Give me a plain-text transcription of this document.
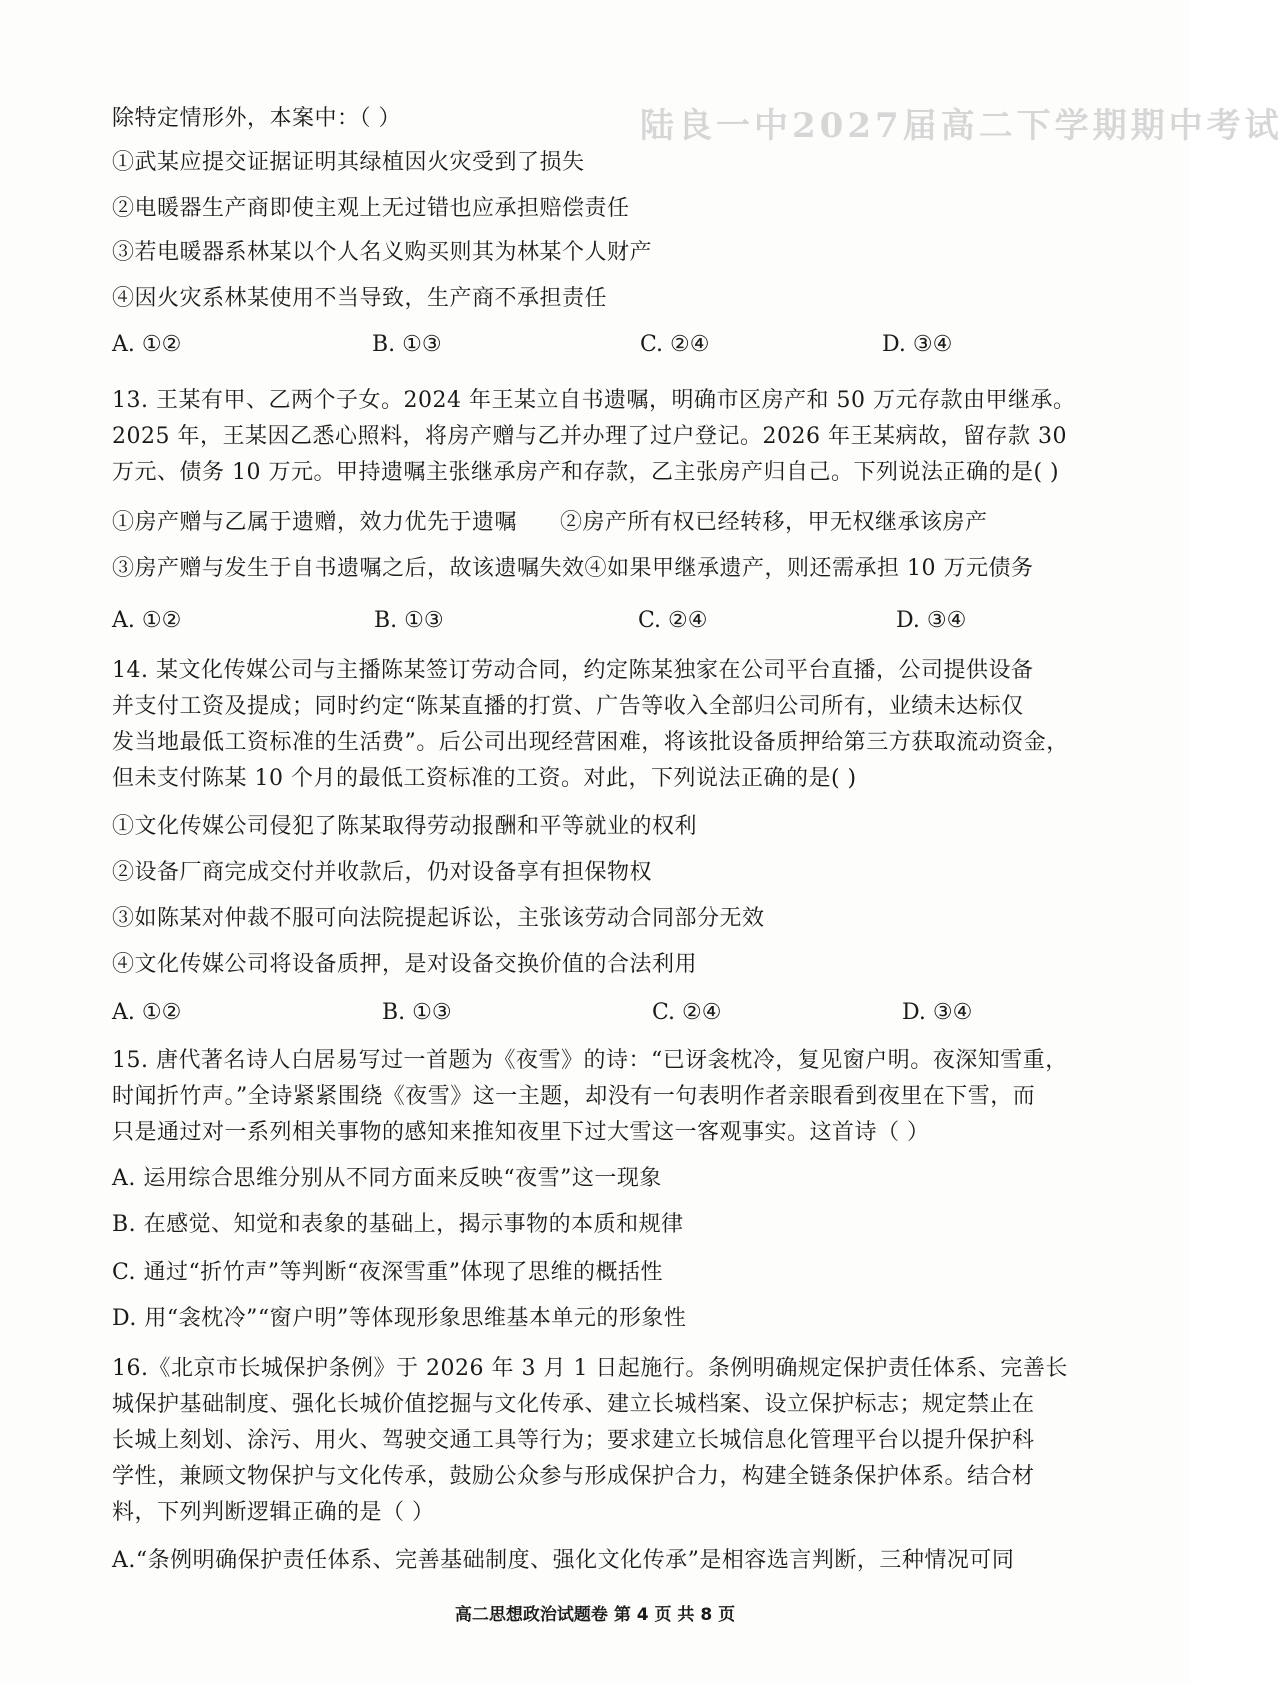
陆良一中2027届高二下学期期中考试
除特定情形外，本案中：（ ）
①武某应提交证据证明其绿植因火灾受到了损失
②电暖器生产商即使主观上无过错也应承担赔偿责任
③若电暖器系林某以个人名义购买则其为林某个人财产
④因火灾系林某使用不当导致，生产商不承担责任
A. ①②	B. ①③	C. ②④	D. ③④
13. 王某有甲、乙两个子女。2024 年王某立自书遗嘱，明确市区房产和 50 万元存款由甲继承。
2025 年，王某因乙悉心照料，将房产赠与乙并办理了过户登记。2026 年王某病故，留存款 30
万元、债务 10 万元。甲持遗嘱主张继承房产和存款，乙主张房产归自己。下列说法正确的是( )
①房产赠与乙属于遗赠，效力优先于遗嘱 ②房产所有权已经转移，甲无权继承该房产
③房产赠与发生于自书遗嘱之后，故该遗嘱失效④如果甲继承遗产，则还需承担 10 万元债务
A. ①②	B. ①③	C. ②④	D. ③④
14. 某文化传媒公司与主播陈某签订劳动合同，约定陈某独家在公司平台直播，公司提供设备
并支付工资及提成；同时约定“陈某直播的打赏、广告等收入全部归公司所有，业绩未达标仅
发当地最低工资标准的生活费”。后公司出现经营困难，将该批设备质押给第三方获取流动资金，
但未支付陈某 10 个月的最低工资标准的工资。对此，下列说法正确的是( )
①文化传媒公司侵犯了陈某取得劳动报酬和平等就业的权利
②设备厂商完成交付并收款后，仍对设备享有担保物权
③如陈某对仲裁不服可向法院提起诉讼，主张该劳动合同部分无效
④文化传媒公司将设备质押，是对设备交换价值的合法利用
A. ①②	B. ①③	C. ②④	D. ③④
15. 唐代著名诗人白居易写过一首题为《夜雪》的诗：“已讶衾枕冷，复见窗户明。夜深知雪重，
时闻折竹声。”全诗紧紧围绕《夜雪》这一主题，却没有一句表明作者亲眼看到夜里在下雪，而
只是通过对一系列相关事物的感知来推知夜里下过大雪这一客观事实。这首诗（ ）
A. 运用综合思维分别从不同方面来反映“夜雪”这一现象
B. 在感觉、知觉和表象的基础上，揭示事物的本质和规律
C. 通过“折竹声”等判断“夜深雪重”体现了思维的概括性
D. 用“衾枕冷”“窗户明”等体现形象思维基本单元的形象性
16.《北京市长城保护条例》于 2026 年 3 月 1 日起施行。条例明确规定保护责任体系、完善长
城保护基础制度、强化长城价值挖掘与文化传承、建立长城档案、设立保护标志；规定禁止在
长城上刻划、涂污、用火、驾驶交通工具等行为；要求建立长城信息化管理平台以提升保护科
学性，兼顾文物保护与文化传承，鼓励公众参与形成保护合力，构建全链条保护体系。结合材
料，下列判断逻辑正确的是（ ）
A.“条例明确保护责任体系、完善基础制度、强化文化传承”是相容选言判断，三种情况可同
高二思想政治试题卷 第 4 页 共 8 页
